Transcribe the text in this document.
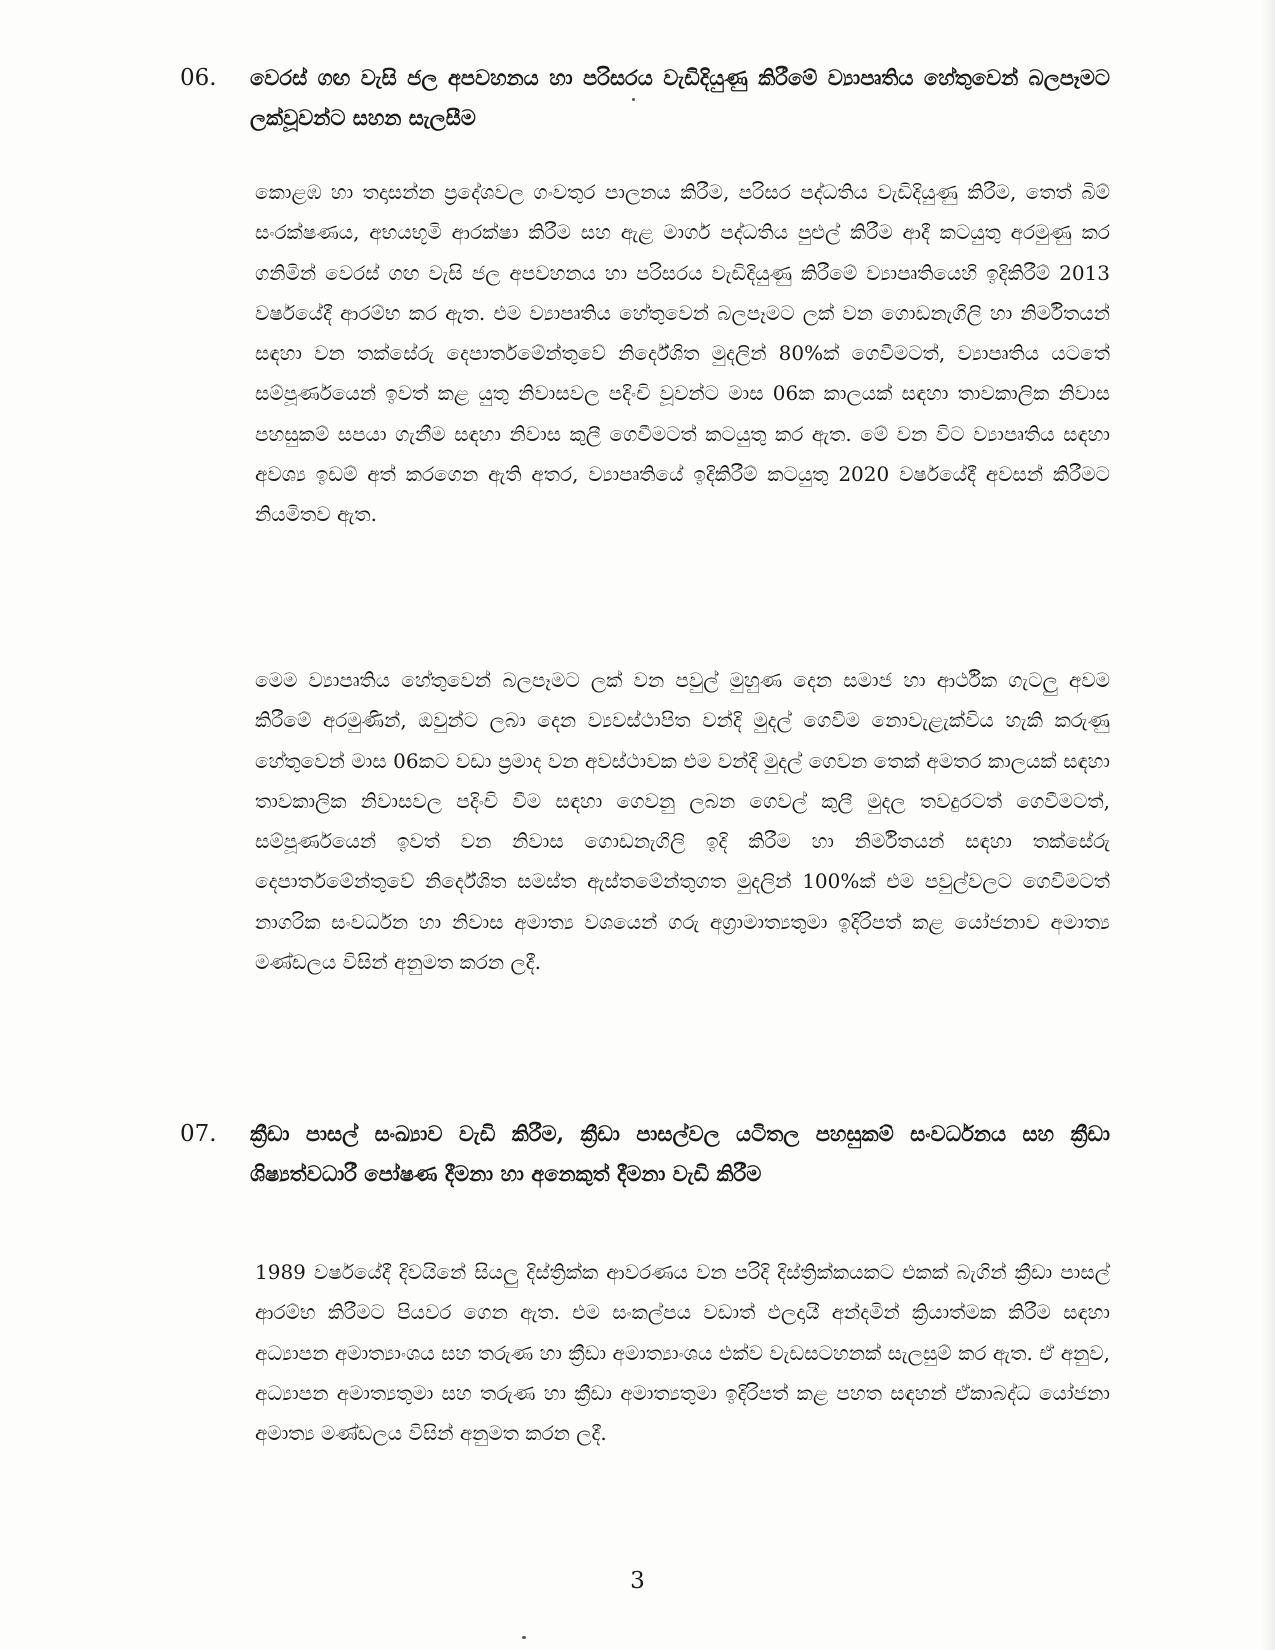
06. වෙරස් ගඟ වැසි ජල අපවහනය හා පරිසරය වැඩිදියුණු කිරීමේ ව්‍යාපෘතිය හේතුවෙන් බලපෑමට ලක්වූවන්ට සහන සැලසීම

කොළඹ හා තදාසන්න ප්‍රදේශවල ගංවතුර පාලනය කිරීම, පරිසර පද්ධතිය වැඩිදියුණු කිරීම, තෙත් බිම් සංරක්ෂණය, අභයභූමි ආරක්ෂා කිරීම සහ ඇළ මාර්ග පද්ධතිය පුළුල් කිරීම ආදී කටයුතු අරමුණු කර ගනිමින් වෙරස් ගඟ වැසි ජල අපවහනය හා පරිසරය වැඩිදියුණු කිරීමේ ව්‍යාපෘතියෙහි ඉදිකිරීම් 2013 වර්ෂයේදී ආරම්භ කර ඇත. එම ව්‍යාපෘතිය හේතුවෙන් බලපෑමට ලක් වන ගොඩනැගිලි හා නිර්මිතයන් සඳහා වන තක්සේරු දෙපාර්තමේන්තුවේ නිර්දේශිත මුදලින් 80%ක් ගෙවීමටත්, ව්‍යාපෘතිය යටතේ සම්පූර්ණයෙන් ඉවත් කළ යුතු නිවාසවල පදිංචි වූවන්ට මාස 06ක කාලයක් සඳහා තාවකාලික නිවාස පහසුකම් සපයා ගැනීම සඳහා නිවාස කුලී ගෙවීමටත් කටයුතු කර ඇත. මේ වන විට ව්‍යාපෘතිය සඳහා අවශ්‍ය ඉඩම් අත් කරගෙන ඇති අතර, ව්‍යාපෘතියේ ඉදිකිරීම් කටයුතු 2020 වර්ෂයේදී අවසන් කිරීමට නියමිතව ඇත.

මෙම ව්‍යාපෘතිය හේතුවෙන් බලපෑමට ලක් වන පවුල් මුහුණ දෙන සමාජ හා ආර්ථික ගැටලු අවම කිරීමේ අරමුණින්, ඔවුන්ට ලබා දෙන ව්‍යවස්ථාපිත වන්දි මුදල් ගෙවීම නොවැළැක්විය හැකි කරුණු හේතුවෙන් මාස 06කට වඩා ප්‍රමාද වන අවස්ථාවක එම වන්දි මුදල් ගෙවන තෙක් අමතර කාලයක් සඳහා තාවකාලික නිවාසවල පදිංචි වීම සඳහා ගෙවනු ලබන ගෙවල් කුලී මුදල තවදුරටත් ගෙවීමටත්, සම්පූර්ණයෙන් ඉවත් වන නිවාස ගොඩනැගිලි ඉදි කිරීම හා නිර්මිතයන් සඳහා තක්සේරු දෙපාර්තමේන්තුවේ නිර්දේශිත සමස්ත ඇස්තමේන්තුගත මුදලින් 100%ක් එම පවුල්වලට ගෙවීමටත් නාගරික සංවර්ධන හා නිවාස අමාත්‍ය වශයෙන් ගරු අග්‍රාමාත්‍යතුමා ඉදිරිපත් කළ යෝජනාව අමාත්‍ය මණ්ඩලය විසින් අනුමත කරන ලදී.

07. ක්‍රීඩා පාසල් සංඛ්‍යාව වැඩි කිරීම, ක්‍රීඩා පාසල්වල යටිතල පහසුකම් සංවර්ධනය සහ ක්‍රීඩා ශිෂ්‍යත්වධාරී පෝෂණ දීමනා හා අනෙකුත් දීමනා වැඩි කිරීම

1989 වර්ෂයේදී දිවයිනේ සියලු දිස්ත්‍රික්ක ආවරණය වන පරිදි දිස්ත්‍රික්කයකට එකක් බැගින් ක්‍රීඩා පාසල් ආරම්භ කිරීමට පියවර ගෙන ඇත. එම සංකල්පය වඩාත් ඵලදායී අන්දමින් ක්‍රියාත්මක කිරීම සඳහා අධ්‍යාපන අමාත්‍යාංශය සහ තරුණ හා ක්‍රීඩා අමාත්‍යාංශය එක්ව වැඩසටහනක් සැලසුම් කර ඇත. ඒ අනුව, අධ්‍යාපන අමාත්‍යතුමා සහ තරුණ හා ක්‍රීඩා අමාත්‍යතුමා ඉදිරිපත් කළ පහත සඳහන් ඒකාබද්ධ යෝජනා අමාත්‍ය මණ්ඩලය විසින් අනුමත කරන ලදී.

3
